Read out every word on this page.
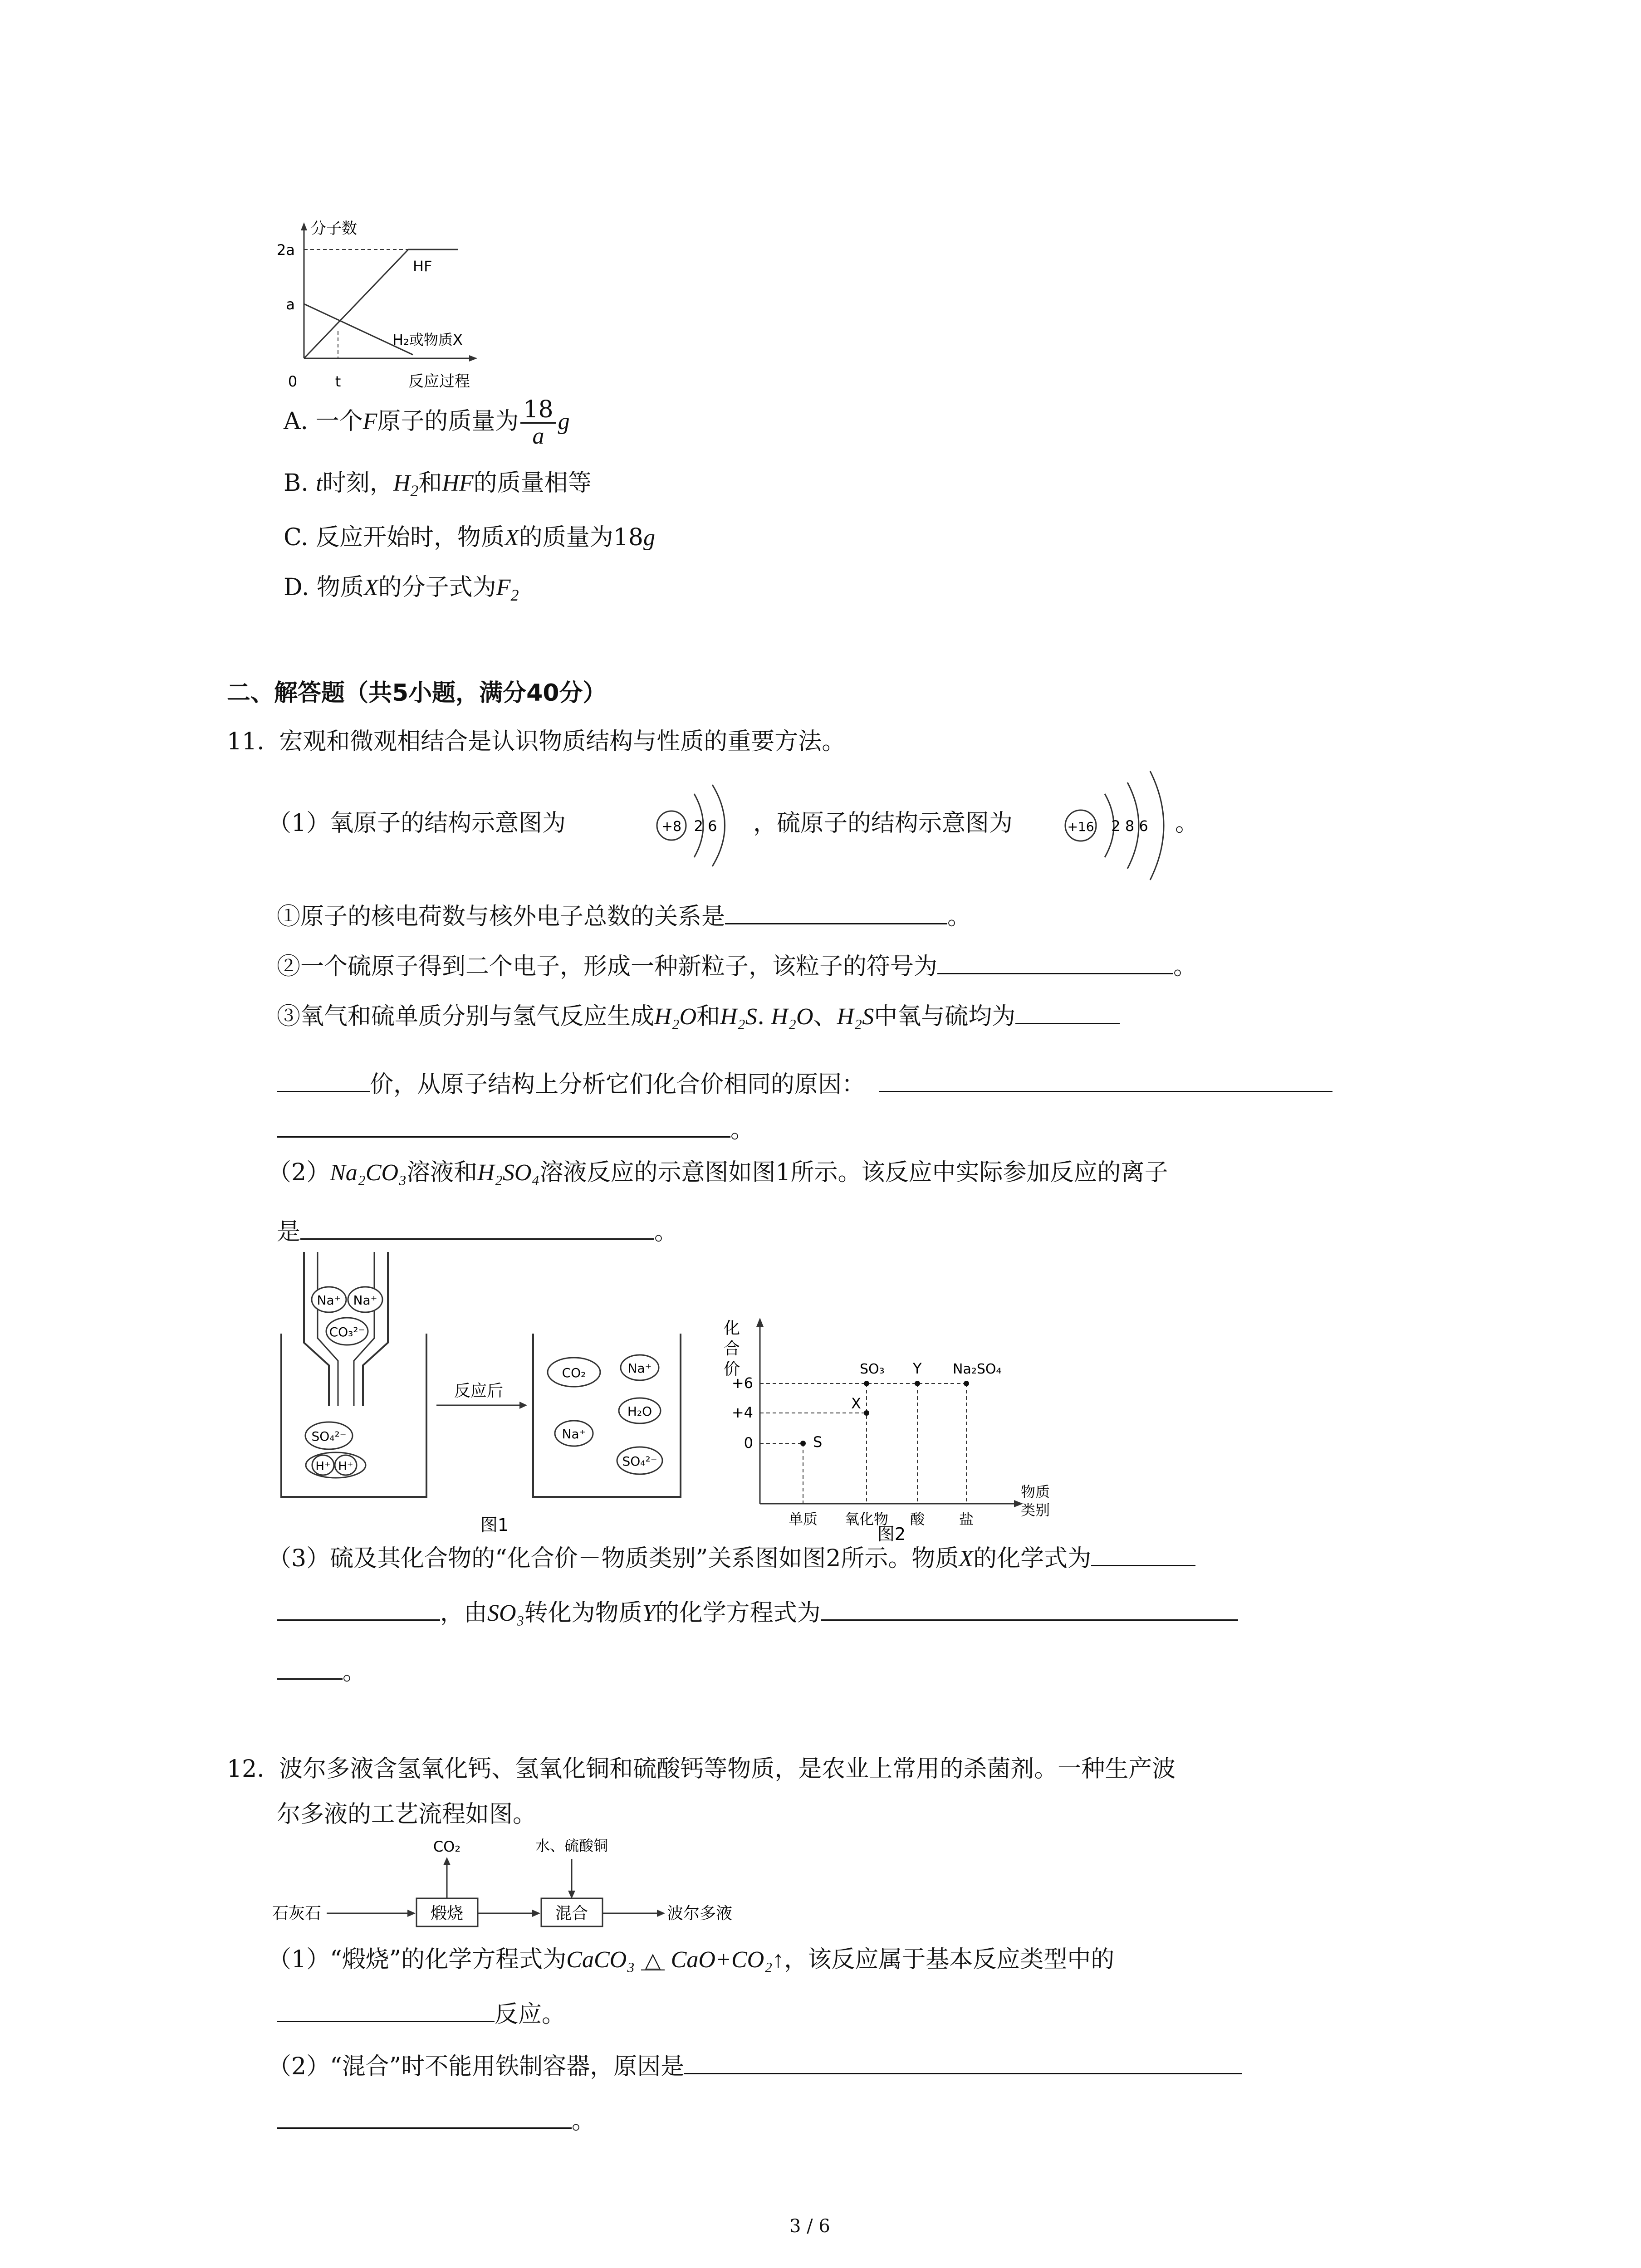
分子数
反应过程
2a
a
0	t
HF
H₂或物质X
A. 一个F原子的质量为 $\frac{18}{a}$ g
B. t时刻，$H_2$和HF的质量相等
C. 反应开始时，物质X的质量为18g
D. 物质X的分子式为$F_2$
二、解答题（共5小题，满分40分）
11. 宏观和微观相结合是认识物质结构与性质的重要方法。
（1）氧原子的结构示意图为	+8 2 6 ，硫原子的结构示意图为	+16 2 8 6 。
①原子的核电荷数与核外电子总数的关系是	。
②一个硫原子得到二个电子，形成一种新粒子，该粒子的符号为	。
③氧气和硫单质分别与氢气反应生成H₂O和H₂S. H₂O、H₂S中氧与硫均为
价，从原子结构上分析它们化合价相同的原因：
。
（2）Na₂CO₃溶液和H₂SO₄溶液反应的示意图如图1所示。该反应中实际参加反应的离子
是	。
Na⁺ Na⁺
CO₃²⁻
SO₄²⁻
H⁺ H⁺
反应后
CO₂	Na⁺
H₂O
Na⁺
SO₄²⁻
图1
化
合
价
+6
+4
0	S
X
SO₃ Y Na₂SO₄
单质 氧化物 酸 盐
物质
类别
图2
（3）硫及其化合物的“化合价－物质类别”关系图如图2所示。物质X的化学式为
，由SO₃转化为物质Y的化学方程式为
。
12. 波尔多液含氢氧化钙、氢氧化铜和硫酸钙等物质，是农业上常用的杀菌剂。一种生产波
尔多液的工艺流程如图。
石灰石	煅烧
CO₂
混合
水、硫酸铜
波尔多液
（1）“煅烧”的化学方程式为CaCO₃ △ CaO+CO₂↑，该反应属于基本反应类型中的
反应。
（2）“混合”时不能用铁制容器，原因是
。
3 / 6
